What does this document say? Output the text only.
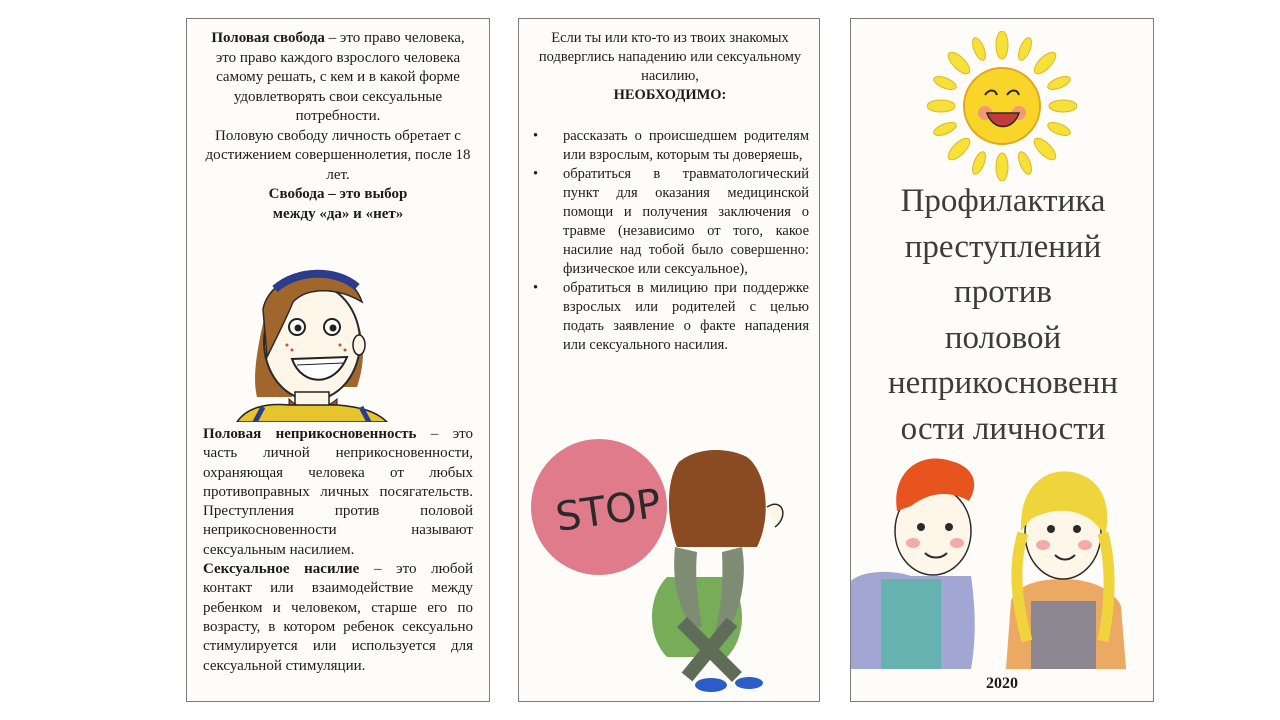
Половая свобода – это право человека, это право каждого взрослого человека самому решать, с кем и в какой форме удовлетворять свои сексуальные потребности.
Половую свободу личность обретает с достижением совершеннолетия, после 18 лет.
Свобода – это выбор
между «да» и «нет»
Половая неприкосновенность – это часть личной неприкосновенности, охраняющая человека от любых противоправных личных посягательств. Преступления против половой неприкосновенности называют сексуальным насилием.
Сексуальное насилие – это любой контакт или взаимодействие между ребенком и человеком, старше его по возрасту, в котором ребенок сексуально стимулируется или используется для сексуальной стимуляции.
Если ты или кто-то из твоих знакомых подверглись нападению или сексуальному насилию,
НЕОБХОДИМО:
• рассказать о происшедшем родителям или взрослым, которым ты доверяешь,
• обратиться в травматологический пункт для оказания медицинской помощи и получения заключения о травме (независимо от того, какое насилие над тобой было совершенно: физическое или сексуальное),
• обратиться в милицию при поддержке взрослых или родителей с целью подать заявление о факте нападения или сексуального насилия.
STOP
Профилактика
преступлений
против
половой
неприкосновенн
ости личности
2020
